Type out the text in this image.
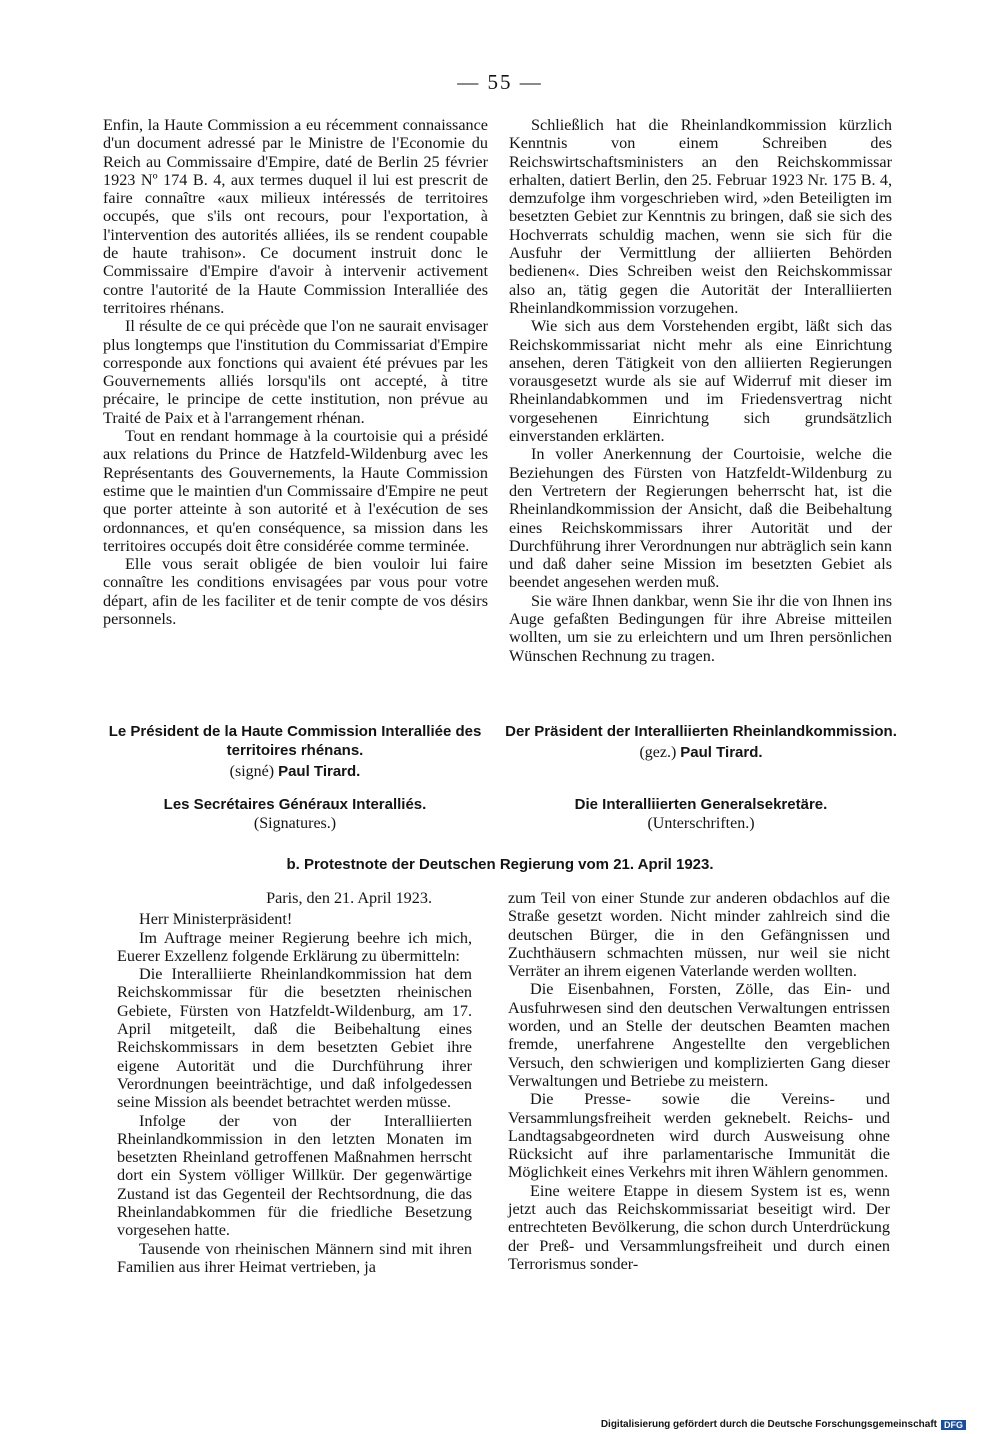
— 55 —

Enfin, la Haute Commission a eu récemment connaissance d'un document adressé par le Ministre de l'Economie du Reich au Commissaire d'Empire, daté de Berlin 25 février 1923 Nº 174 B. 4, aux termes duquel il lui est prescrit de faire connaître «aux milieux intéressés de territoires occupés, que s'ils ont recours, pour l'exportation, à l'intervention des autorités alliées, ils se rendent coupable de haute trahison». Ce document instruit donc le Commissaire d'Empire d'avoir à intervenir activement contre l'autorité de la Haute Commission Interalliée des territoires rhénans.

Il résulte de ce qui précède que l'on ne saurait envisager plus longtemps que l'institution du Commissariat d'Empire corresponde aux fonctions qui avaient été prévues par les Gouvernements alliés lorsqu'ils ont accepté, à titre précaire, le principe de cette institution, non prévue au Traité de Paix et à l'arrangement rhénan.

Tout en rendant hommage à la courtoisie qui a présidé aux relations du Prince de Hatzfeld-Wildenburg avec les Représentants des Gouvernements, la Haute Commission estime que le maintien d'un Commissaire d'Empire ne peut que porter atteinte à son autorité et à l'exécution de ses ordonnances, et qu'en conséquence, sa mission dans les territoires occupés doit être considérée comme terminée.

Elle vous serait obligée de bien vouloir lui faire connaître les conditions envisagées par vous pour votre départ, afin de les faciliter et de tenir compte de vos désirs personnels.

Schließlich hat die Rheinlandkommission kürzlich Kenntnis von einem Schreiben des Reichswirtschaftsministers an den Reichskommissar erhalten, datiert Berlin, den 25. Februar 1923 Nr. 175 B. 4, demzufolge ihm vorgeschrieben wird, »den Beteiligten im besetzten Gebiet zur Kenntnis zu bringen, daß sie sich des Hochverrats schuldig machen, wenn sie sich für die Ausfuhr der Vermittlung der alliierten Behörden bedienen«. Dies Schreiben weist den Reichskommissar also an, tätig gegen die Autorität der Interalliierten Rheinlandkommission vorzugehen.

Wie sich aus dem Vorstehenden ergibt, läßt sich das Reichskommissariat nicht mehr als eine Einrichtung ansehen, deren Tätigkeit von den alliierten Regierungen vorausgesetzt wurde als sie auf Widerruf mit dieser im Rheinlandabkommen und im Friedensvertrag nicht vorgesehenen Einrichtung sich grundsätzlich einverstanden erklärten.

In voller Anerkennung der Courtoisie, welche die Beziehungen des Fürsten von Hatzfeldt-Wildenburg zu den Vertretern der Regierungen beherrscht hat, ist die Rheinlandkommission der Ansicht, daß die Beibehaltung eines Reichskommissars ihrer Autorität und der Durchführung ihrer Verordnungen nur abträglich sein kann und daß daher seine Mission im besetzten Gebiet als beendet angesehen werden muß.

Sie wäre Ihnen dankbar, wenn Sie ihr die von Ihnen ins Auge gefaßten Bedingungen für ihre Abreise mitteilen wollten, um sie zu erleichtern und um Ihren persönlichen Wünschen Rechnung zu tragen.

Le Président de la Haute Commission Interalliée des territoires rhénans.
(signé) Paul Tirard.
Les Secrétaires Généraux Interalliés.
(Signatures.)
Der Präsident der Interalliierten Rheinlandkommission.
(gez.) Paul Tirard.
Die Interalliierten Generalsekretäre.
(Unterschriften.)
b. Protestnote der Deutschen Regierung vom 21. April 1923.

Paris, den 21. April 1923.

Herr Ministerpräsident!

Im Auftrage meiner Regierung beehre ich mich, Euerer Exzellenz folgende Erklärung zu übermitteln:

Die Interalliierte Rheinlandkommission hat dem Reichskommissar für die besetzten rheinischen Gebiete, Fürsten von Hatzfeldt-Wildenburg, am 17. April mitgeteilt, daß die Beibehaltung eines Reichskommissars in dem besetzten Gebiet ihre eigene Autorität und die Durchführung ihrer Verordnungen beeinträchtige, und daß infolgedessen seine Mission als beendet betrachtet werden müsse.

Infolge der von der Interalliierten Rheinlandkommission in den letzten Monaten im besetzten Rheinland getroffenen Maßnahmen herrscht dort ein System völliger Willkür. Der gegenwärtige Zustand ist das Gegenteil der Rechtsordnung, die das Rheinlandabkommen für die friedliche Besetzung vorgesehen hatte.

Tausende von rheinischen Männern sind mit ihren Familien aus ihrer Heimat vertrieben, ja

zum Teil von einer Stunde zur anderen obdachlos auf die Straße gesetzt worden. Nicht minder zahlreich sind die deutschen Bürger, die in den Gefängnissen und Zuchthäusern schmachten müssen, nur weil sie nicht Verräter an ihrem eigenen Vaterlande werden wollten.

Die Eisenbahnen, Forsten, Zölle, das Ein- und Ausfuhrwesen sind den deutschen Verwaltungen entrissen worden, und an Stelle der deutschen Beamten machen fremde, unerfahrene Angestellte den vergeblichen Versuch, den schwierigen und komplizierten Gang dieser Verwaltungen und Betriebe zu meistern.

Die Presse- sowie die Vereins- und Versammlungsfreiheit werden geknebelt. Reichs- und Landtagsabgeordneten wird durch Ausweisung ohne Rücksicht auf ihre parlamentarische Immunität die Möglichkeit eines Verkehrs mit ihren Wählern genommen.

Eine weitere Etappe in diesem System ist es, wenn jetzt auch das Reichskommissariat beseitigt wird. Der entrechteten Bevölkerung, die schon durch Unterdrückung der Preß- und Versammlungsfreiheit und durch einen Terrorismus sonder-

Digitalisierung gefördert durch die Deutsche Forschungsgemeinschaft DFG
